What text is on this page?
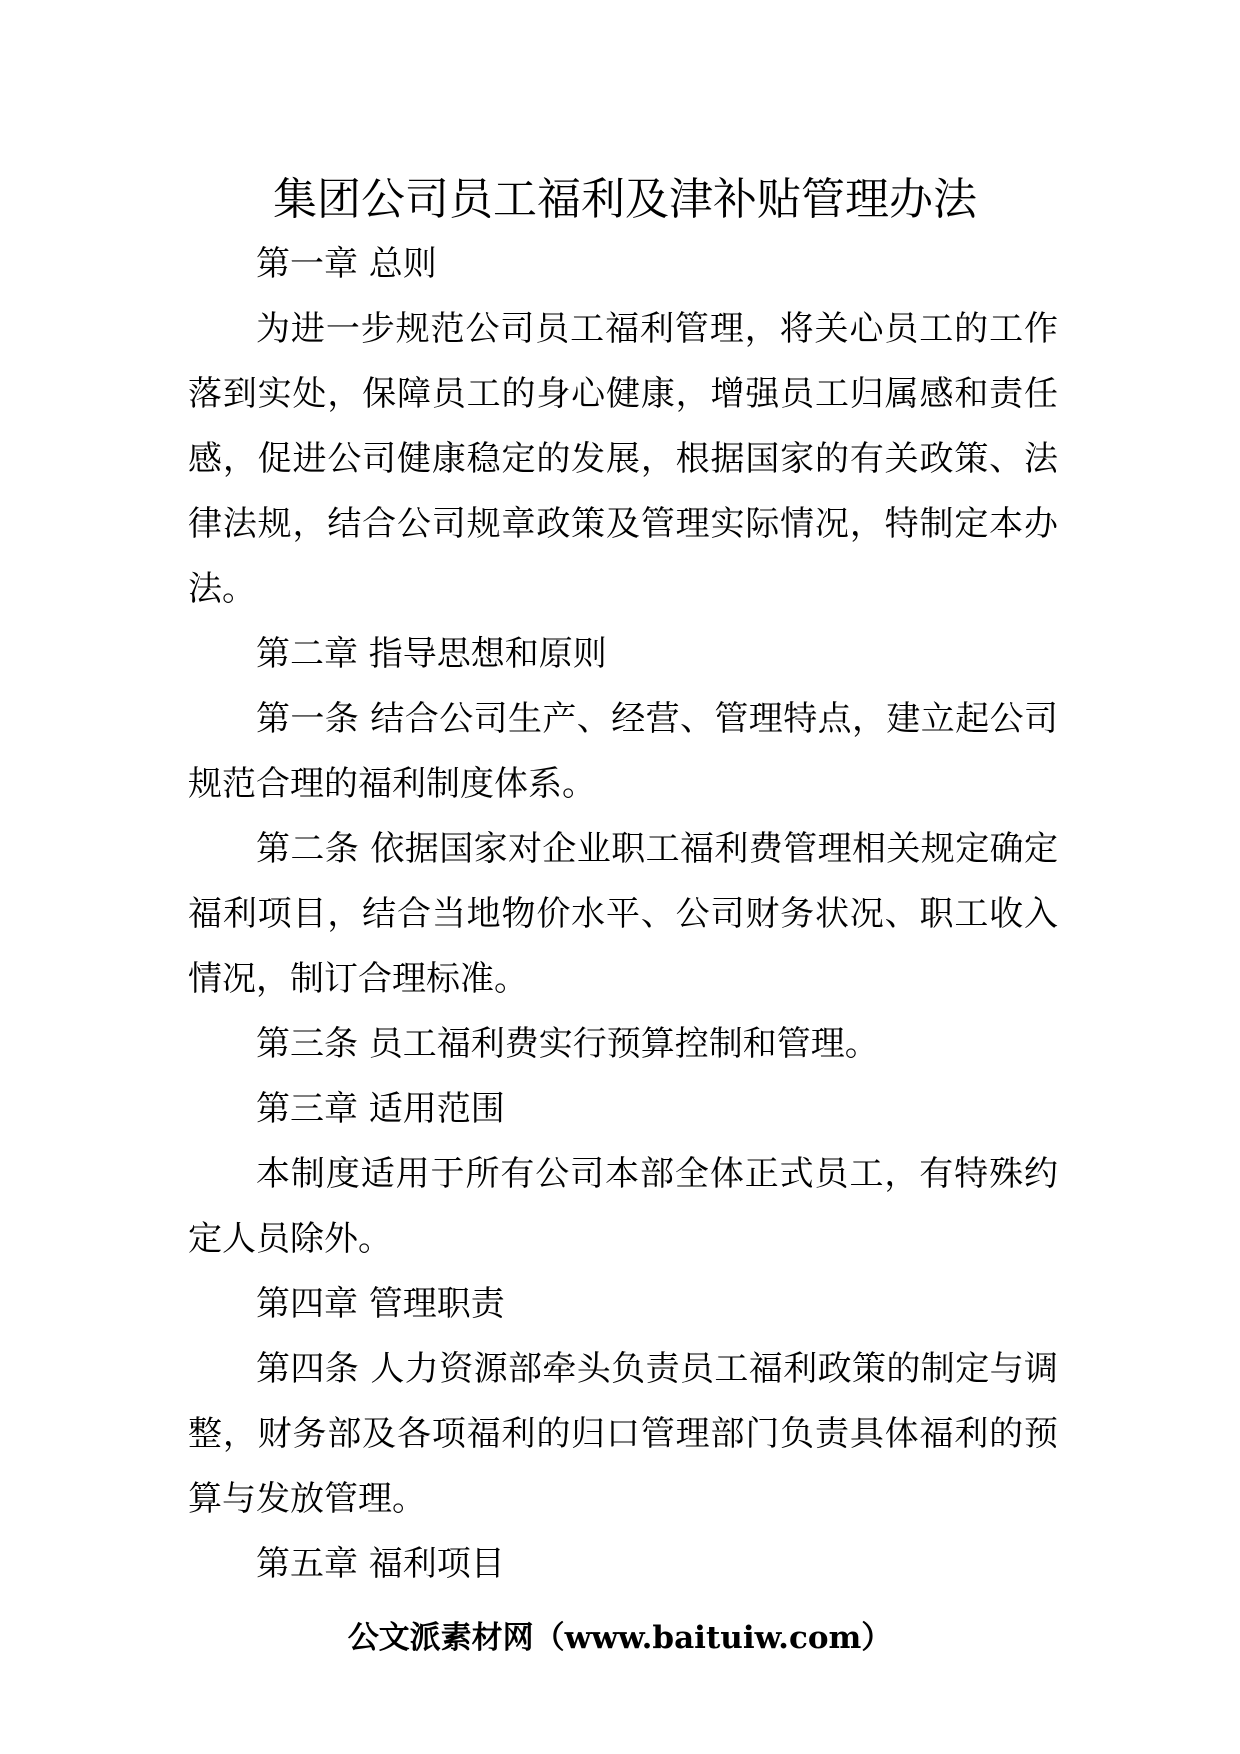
集团公司员工福利及津补贴管理办法

第一章 总则

为进一步规范公司员工福利管理，将关心员工的工作落到实处，保障员工的身心健康，增强员工归属感和责任感，促进公司健康稳定的发展，根据国家的有关政策、法律法规，结合公司规章政策及管理实际情况，特制定本办法。

第二章 指导思想和原则

第一条 结合公司生产、经营、管理特点，建立起公司规范合理的福利制度体系。

第二条 依据国家对企业职工福利费管理相关规定确定福利项目，结合当地物价水平、公司财务状况、职工收入情况，制订合理标准。

第三条 员工福利费实行预算控制和管理。

第三章 适用范围

本制度适用于所有公司本部全体正式员工，有特殊约定人员除外。

第四章 管理职责

第四条 人力资源部牵头负责员工福利政策的制定与调整，财务部及各项福利的归口管理部门负责具体福利的预算与发放管理。

第五章 福利项目

公文派素材网（www.baituiw.com）
